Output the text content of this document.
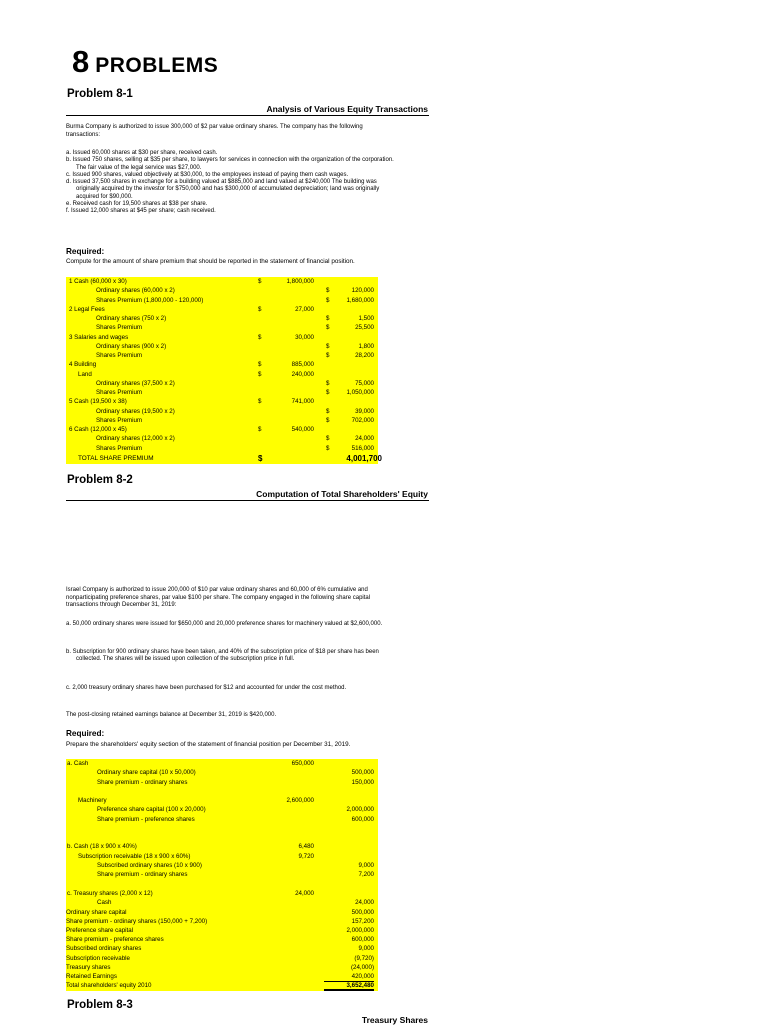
8 PROBLEMS
Problem 8-1
Analysis of Various Equity Transactions
Burma Company is authorized to issue 300,000 of $2 par value ordinary shares. The company has the following transactions:
a. Issued 60,000 shares at $30 per share, received cash.
b. Issued 750 shares, selling at $35 per share, to lawyers for services in connection with the organization of the corporation. The fair value of the legal service was $27,000.
c. Issued 900 shares, valued objectively at $30,000, to the employees instead of paying them cash wages.
d. Issued 37,500 shares in exchange for a building valued at $885,000 and land valued at $240,000 The building was originally acquired by the investor for $750,000 and has $300,000 of accumulated depreciation; land was originally acquired for $90,000.
e. Received cash for 19,500 shares at $38 per share.
f. Issued 12,000 shares at $45 per share; cash received.
Required:
Compute for the amount of share premium that should be reported in the statement of financial position.
1 Cash (60,000 x 30)	$	1,800,000
Ordinary shares (60,000 x 2)	$	120,000
Shares Premium (1,800,000 - 120,000)	$	1,680,000
2 Legal Fees	$	27,000
Ordinary shares (750 x 2)	$	1,500
Shares Premium	$	25,500
3 Salaries and wages	$	30,000
Ordinary shares (900 x 2)	$	1,800
Shares Premium	$	28,200
4 Building	$	885,000
Land	$	240,000
Ordinary shares (37,500 x 2)	$	75,000
Shares Premium	$	1,050,000
5 Cash (19,500 x 38)	$	741,000
Ordinary shares (19,500 x 2)	$	39,000
Shares Premium	$	702,000
6 Cash (12,000 x 45)	$	540,000
Ordinary shares (12,000 x 2)	$	24,000
Shares Premium	$	516,000
TOTAL SHARE PREMIUM	$	4,001,700
Problem 8-2
Computation of Total Shareholders' Equity
Israel Company is authorized to issue 200,000 of $10 par value ordinary shares and 60,000 of 6% cumulative and nonparticipating preference shares, par value $100 per share. The company engaged in the following share capital transactions through December 31, 2019:
a. 50,000 ordinary shares were issued for $650,000 and 20,000 preference shares for machinery valued at $2,600,000.
b. Subscription for 900 ordinary shares have been taken, and 40% of the subscription price of $18 per share has been collected. The shares will be issued upon collection of the subscription price in full.
c. 2,000 treasury ordinary shares have been purchased for $12 and accounted for under the cost method.
The post-closing retained earnings balance at December 31, 2019 is $420,000.
Required:
Prepare the shareholders' equity section of the statement of financial position per December 31, 2019.
a. Cash	650,000
Ordinary share capital (10 x 50,000)	500,000
Share premium - ordinary shares	150,000
Machinery	2,600,000
Preference share capital (100 x 20,000)	2,000,000
Share premium - preference shares	600,000
b. Cash (18 x 900 x 40%)	6,480
Subscription receivable (18 x 900 x 60%)	9,720
Subscribed ordinary shares (10 x 900)	9,000
Share premium - ordinary shares	7,200
c. Treasury shares (2,000 x 12)	24,000
Cash	24,000
Ordinary share capital	500,000
Share premium - ordinary shares (150,000 + 7,200)	157,200
Preference share capital	2,000,000
Share premium - preference shares	600,000
Subscribed ordinary shares	9,000
Subscription receivable	(9,720)
Treasury shares	(24,000)
Retained Earnings	420,000
Total shareholders' equity 2010	3,652,480
Problem 8-3
Treasury Shares
